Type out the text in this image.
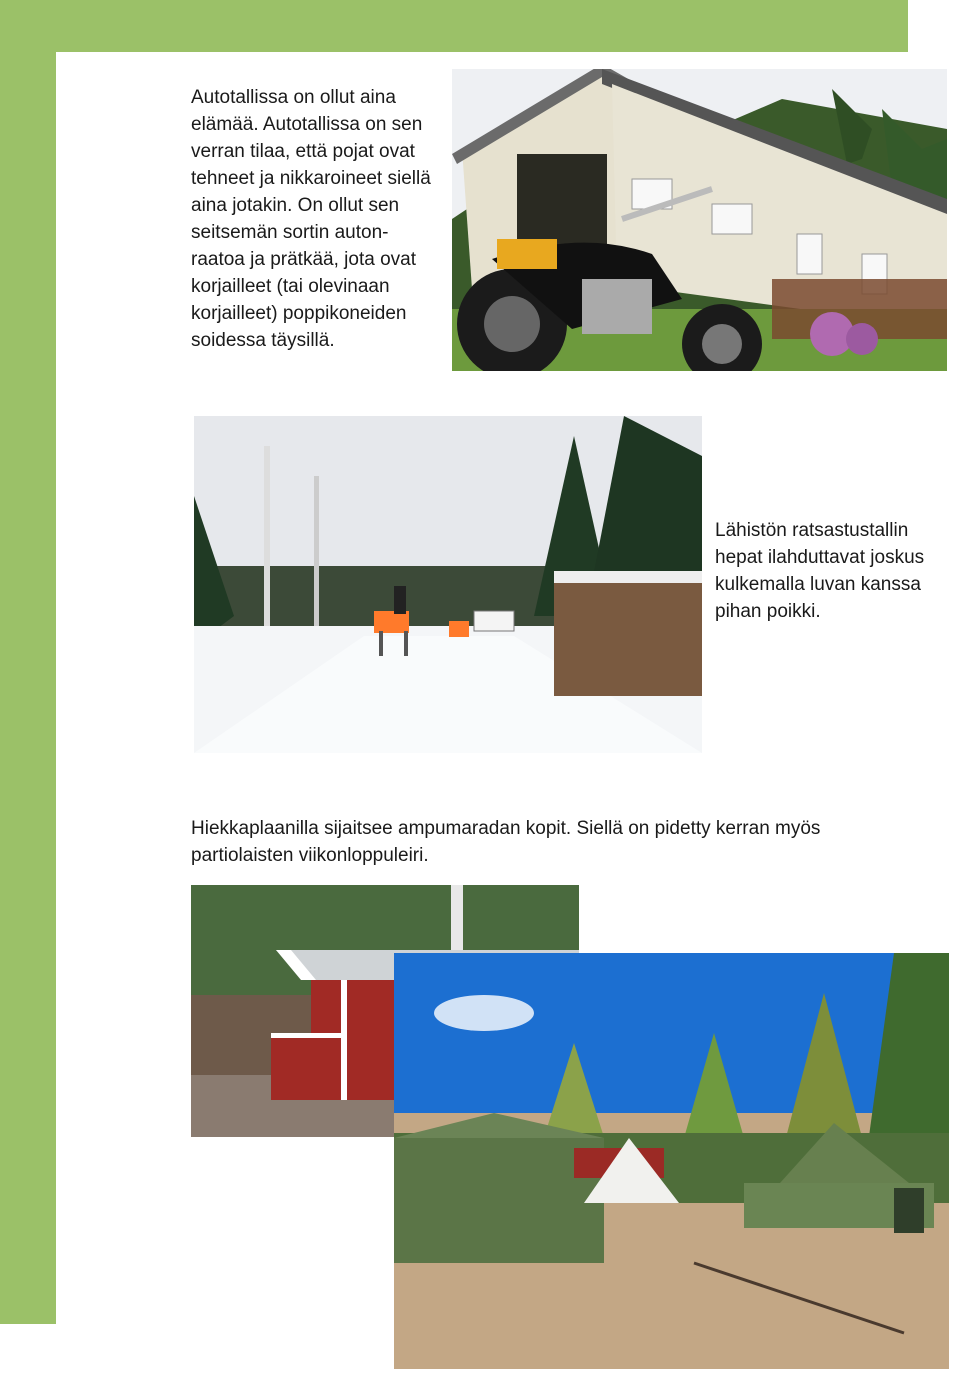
Autotallissa on ollut aina
elämää. Autotallissa on sen
verran tilaa, että pojat ovat
tehneet ja nikkaroineet siellä
aina jotakin. On ollut sen
seitsemän sortin auton-
raatoa ja prätkää, jota ovat
korjailleet (tai olevinaan
korjailleet) poppikoneiden
soidessa täysillä.
Lähistön ratsastustallin
hepat ilahduttavat joskus
kulkemalla luvan kanssa
pihan poikki.
Hiekkaplaanilla sijaitsee ampumaradan kopit. Siellä on pidetty kerran myös
partiolaisten viikonloppuleiri.
